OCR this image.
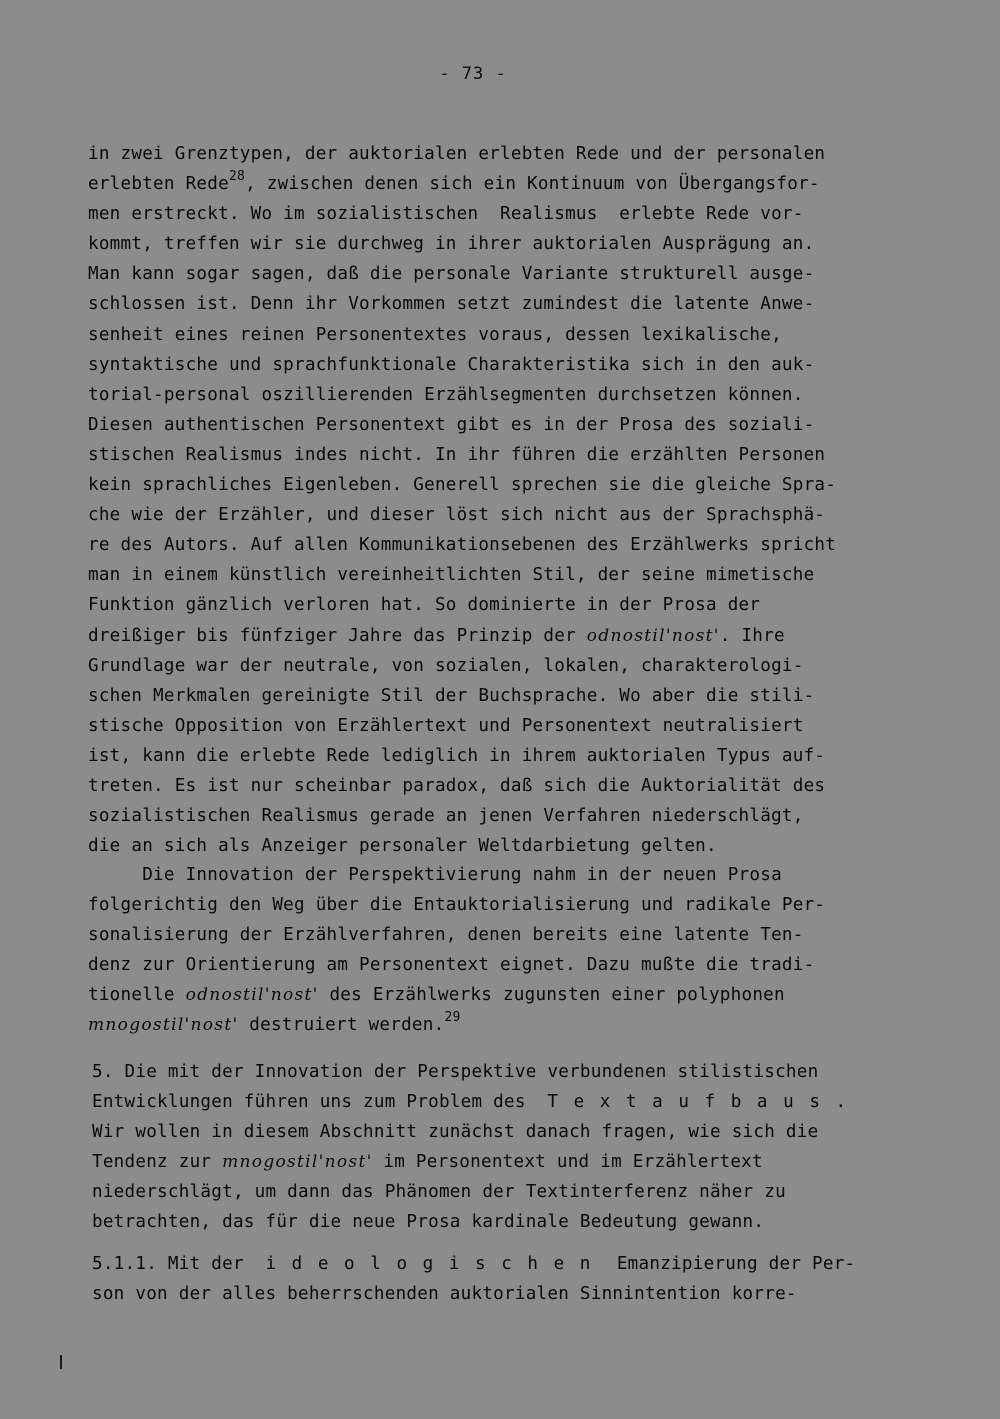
- 73 -

in zwei Grenztypen, der auktorialen erlebten Rede und der personalen
erlebten Rede$^{28}$, zwischen denen sich ein Kontinuum von Übergangsfor-
men erstreckt. Wo im sozialistischen  Realismus  erlebte Rede vor-
kommt, treffen wir sie durchweg in ihrer auktorialen Ausprägung an.
Man kann sogar sagen, daß die personale Variante strukturell ausge-
schlossen ist. Denn ihr Vorkommen setzt zumindest die latente Anwe-
senheit eines reinen Personentextes voraus, dessen lexikalische,
syntaktische und sprachfunktionale Charakteristika sich in den auk-
torial-personal oszillierenden Erzählsegmenten durchsetzen können.
Diesen authentischen Personentext gibt es in der Prosa des soziali-
stischen Realismus indes nicht. In ihr führen die erzählten Personen
kein sprachliches Eigenleben. Generell sprechen sie die gleiche Spra-
che wie der Erzähler, und dieser löst sich nicht aus der Sprachsphä-
re des Autors. Auf allen Kommunikationsebenen des Erzählwerks spricht
man in einem künstlich vereinheitlichten Stil, der seine mimetische
Funktion gänzlich verloren hat. So dominierte in der Prosa der
dreißiger bis fünfziger Jahre das Prinzip der odnostil'nost'. Ihre
Grundlage war der neutrale, von sozialen, lokalen, charakterologi-
schen Merkmalen gereinigte Stil der Buchsprache. Wo aber die stili-
stische Opposition von Erzählertext und Personentext neutralisiert
ist, kann die erlebte Rede lediglich in ihrem auktorialen Typus auf-
treten. Es ist nur scheinbar paradox, daß sich die Auktorialität des
sozialistischen Realismus gerade an jenen Verfahren niederschlägt,
die an sich als Anzeiger personaler Weltdarbietung gelten.

Die Innovation der Perspektivierung nahm in der neuen Prosa
folgerichtig den Weg über die Entauktorialisierung und radikale Per-
sonalisierung der Erzählverfahren, denen bereits eine latente Ten-
denz zur Orientierung am Personentext eignet. Dazu mußte die tradi-
tionelle odnostil'nost' des Erzählwerks zugunsten einer polyphonen
mnogostil'nost' destruiert werden.$^{29}$

5. Die mit der Innovation der Perspektive verbundenen stilistischen
Entwicklungen führen uns zum Problem des  Textaufbaus.
Wir wollen in diesem Abschnitt zunächst danach fragen, wie sich die
Tendenz zur mnogostil'nost' im Personentext und im Erzählertext
niederschlägt, um dann das Phänomen der Textinterferenz näher zu
betrachten, das für die neue Prosa kardinale Bedeutung gewann.

5.1.1. Mit der  ideologischen Emanzipierung der Per-
son von der alles beherrschenden auktorialen Sinnintention korre-
